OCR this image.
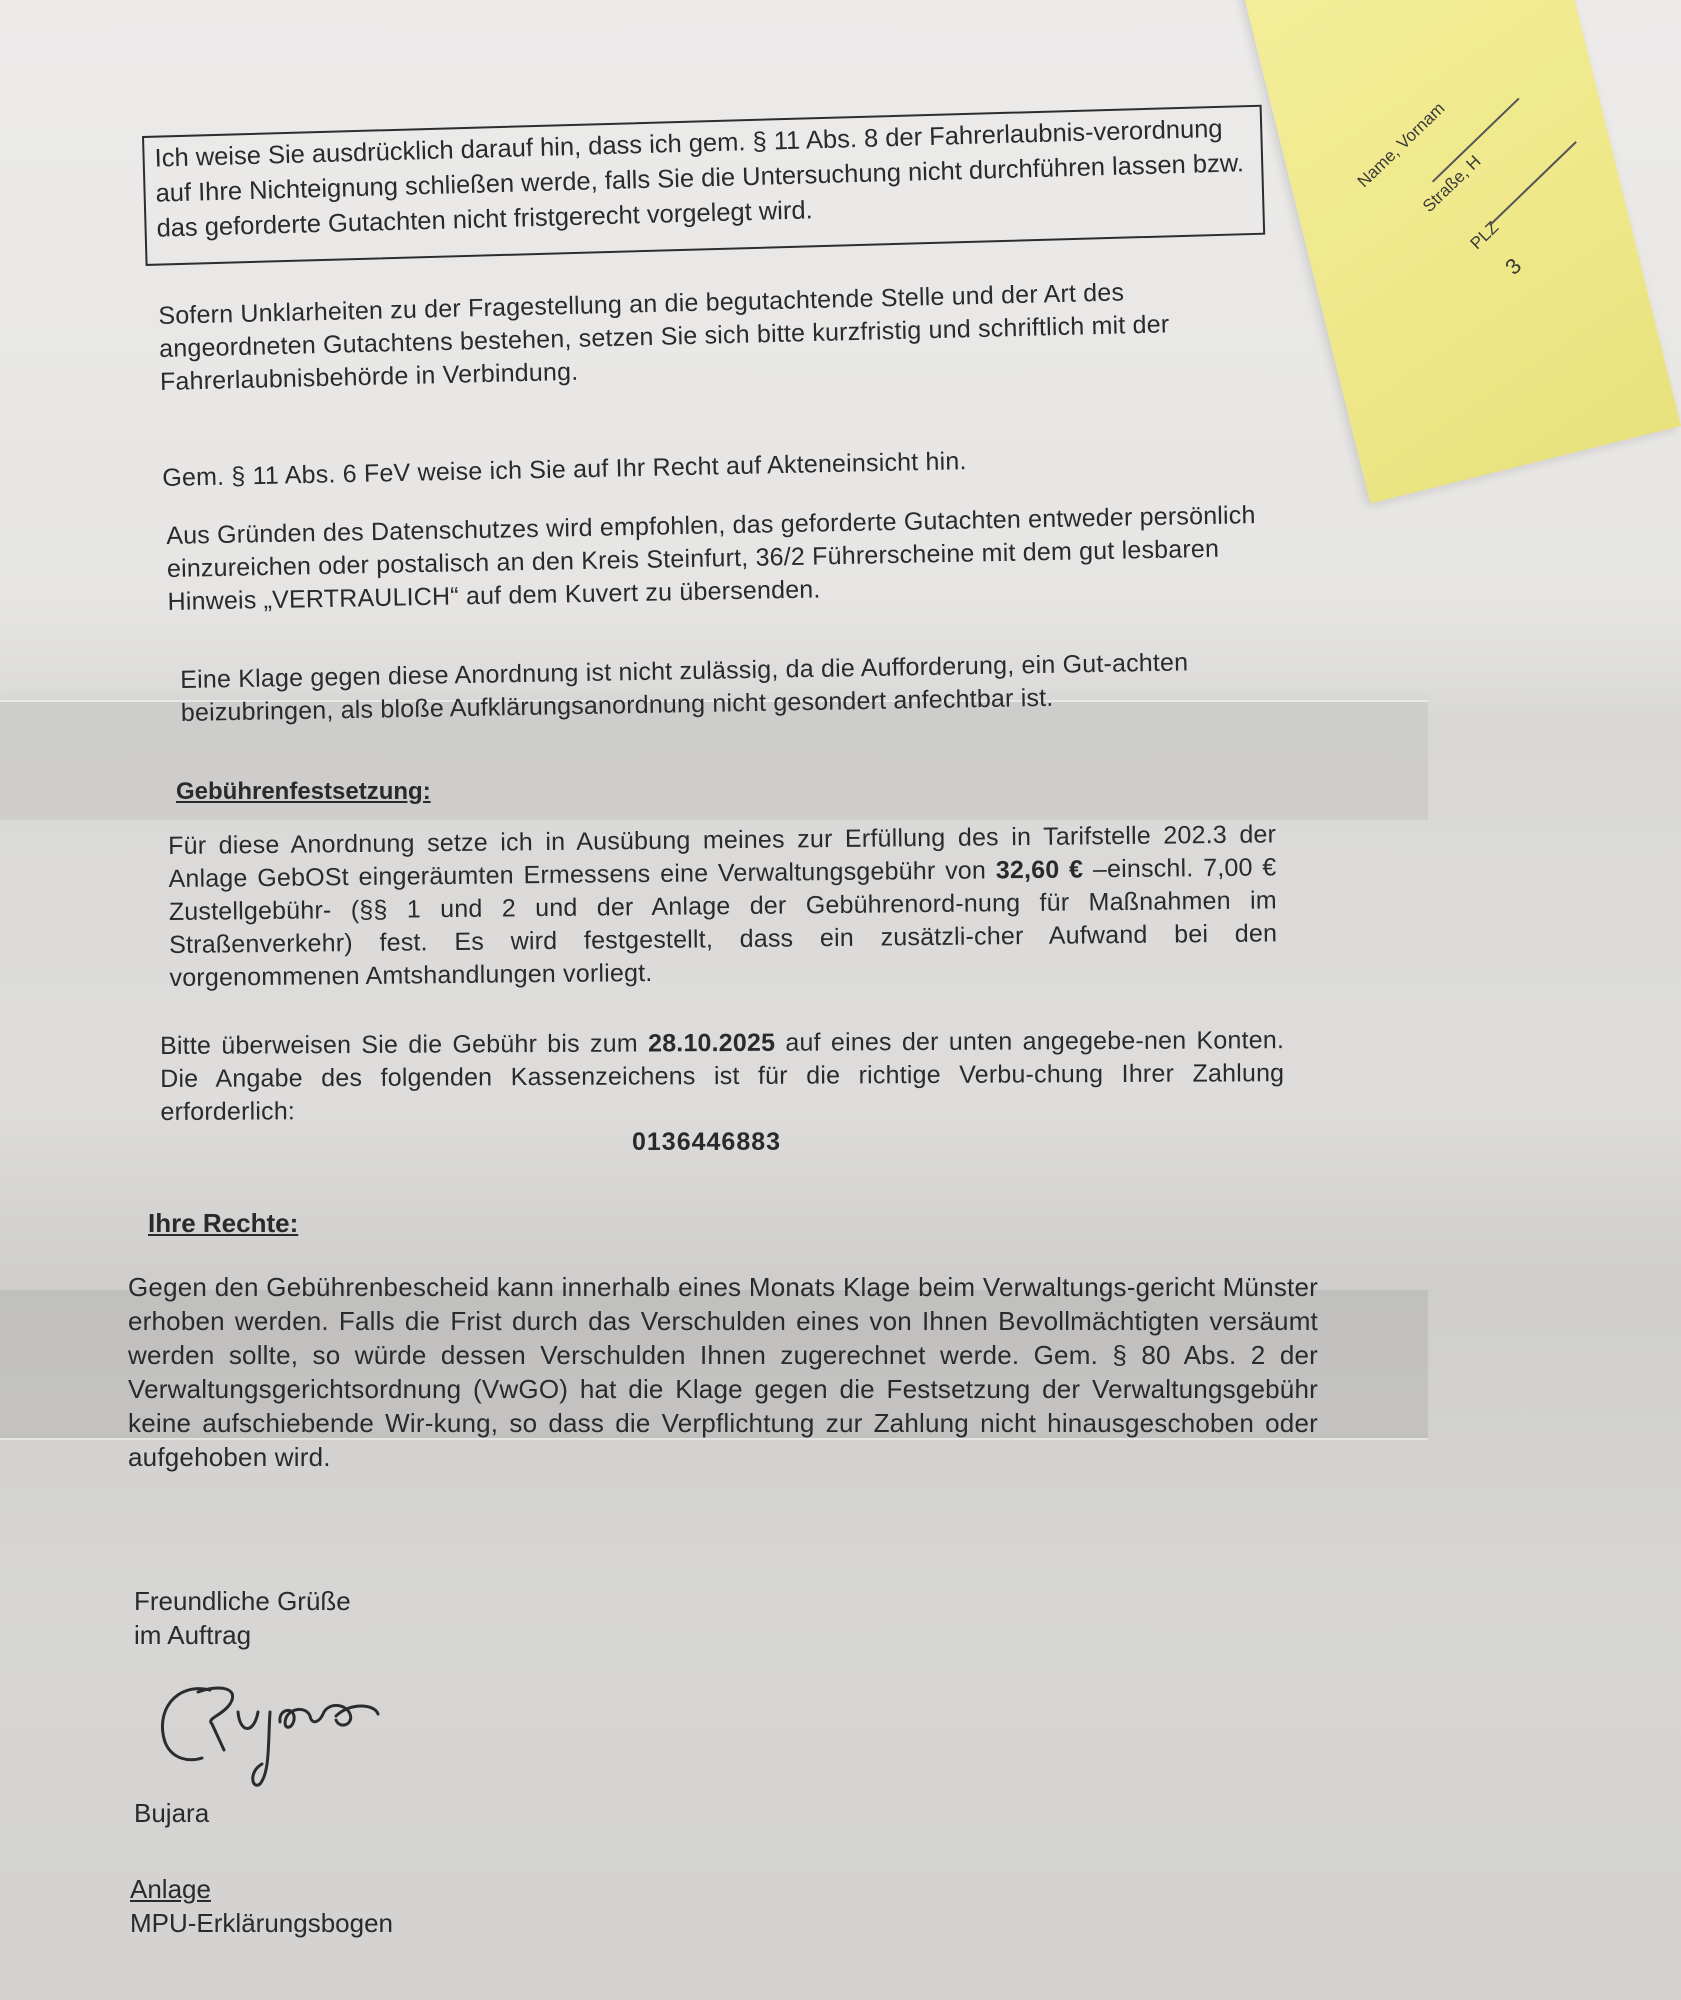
Name, Vornam
Straße, H
PLZ
3
Ich weise Sie ausdrücklich darauf hin, dass ich gem. § 11 Abs. 8 der Fahrerlaubnis-verordnung auf Ihre Nichteignung schließen werde, falls Sie die Untersuchung nicht durchführen lassen bzw. das geforderte Gutachten nicht fristgerecht vorgelegt wird.
Sofern Unklarheiten zu der Fragestellung an die begutachtende Stelle und der Art des angeordneten Gutachtens bestehen, setzen Sie sich bitte kurzfristig und schriftlich mit der Fahrerlaubnisbehörde in Verbindung.
Gem. § 11 Abs. 6 FeV weise ich Sie auf Ihr Recht auf Akteneinsicht hin.
Aus Gründen des Datenschutzes wird empfohlen, das geforderte Gutachten entweder persönlich einzureichen oder postalisch an den Kreis Steinfurt, 36/2 Führerscheine mit dem gut lesbaren Hinweis „VERTRAULICH“ auf dem Kuvert zu übersenden.
Eine Klage gegen diese Anordnung ist nicht zulässig, da die Aufforderung, ein Gut-achten beizubringen, als bloße Aufklärungsanordnung nicht gesondert anfechtbar ist.
Gebührenfestsetzung:
Für diese Anordnung setze ich in Ausübung meines zur Erfüllung des in Tarifstelle 202.3 der Anlage GebOSt eingeräumten Ermessens eine Verwaltungsgebühr von 32,60 € –einschl. 7,00 € Zustellgebühr- (§§ 1 und 2 und der Anlage der Gebührenord-nung für Maßnahmen im Straßenverkehr) fest. Es wird festgestellt, dass ein zusätzli-cher Aufwand bei den vorgenommenen Amtshandlungen vorliegt.
Bitte überweisen Sie die Gebühr bis zum 28.10.2025 auf eines der unten angegebe-nen Konten. Die Angabe des folgenden Kassenzeichens ist für die richtige Verbu-chung Ihrer Zahlung erforderlich:
0136446883
Ihre Rechte:
Gegen den Gebührenbescheid kann innerhalb eines Monats Klage beim Verwaltungs-gericht Münster erhoben werden. Falls die Frist durch das Verschulden eines von Ihnen Bevollmächtigten versäumt werden sollte, so würde dessen Verschulden Ihnen zugerechnet werde. Gem. § 80 Abs. 2 der Verwaltungsgerichtsordnung (VwGO) hat die Klage gegen die Festsetzung der Verwaltungsgebühr keine aufschiebende Wir-kung, so dass die Verpflichtung zur Zahlung nicht hinausgeschoben oder aufgehoben wird.
Freundliche Grüße
im Auftrag
Bujara
Anlage
MPU-Erklärungsbogen
